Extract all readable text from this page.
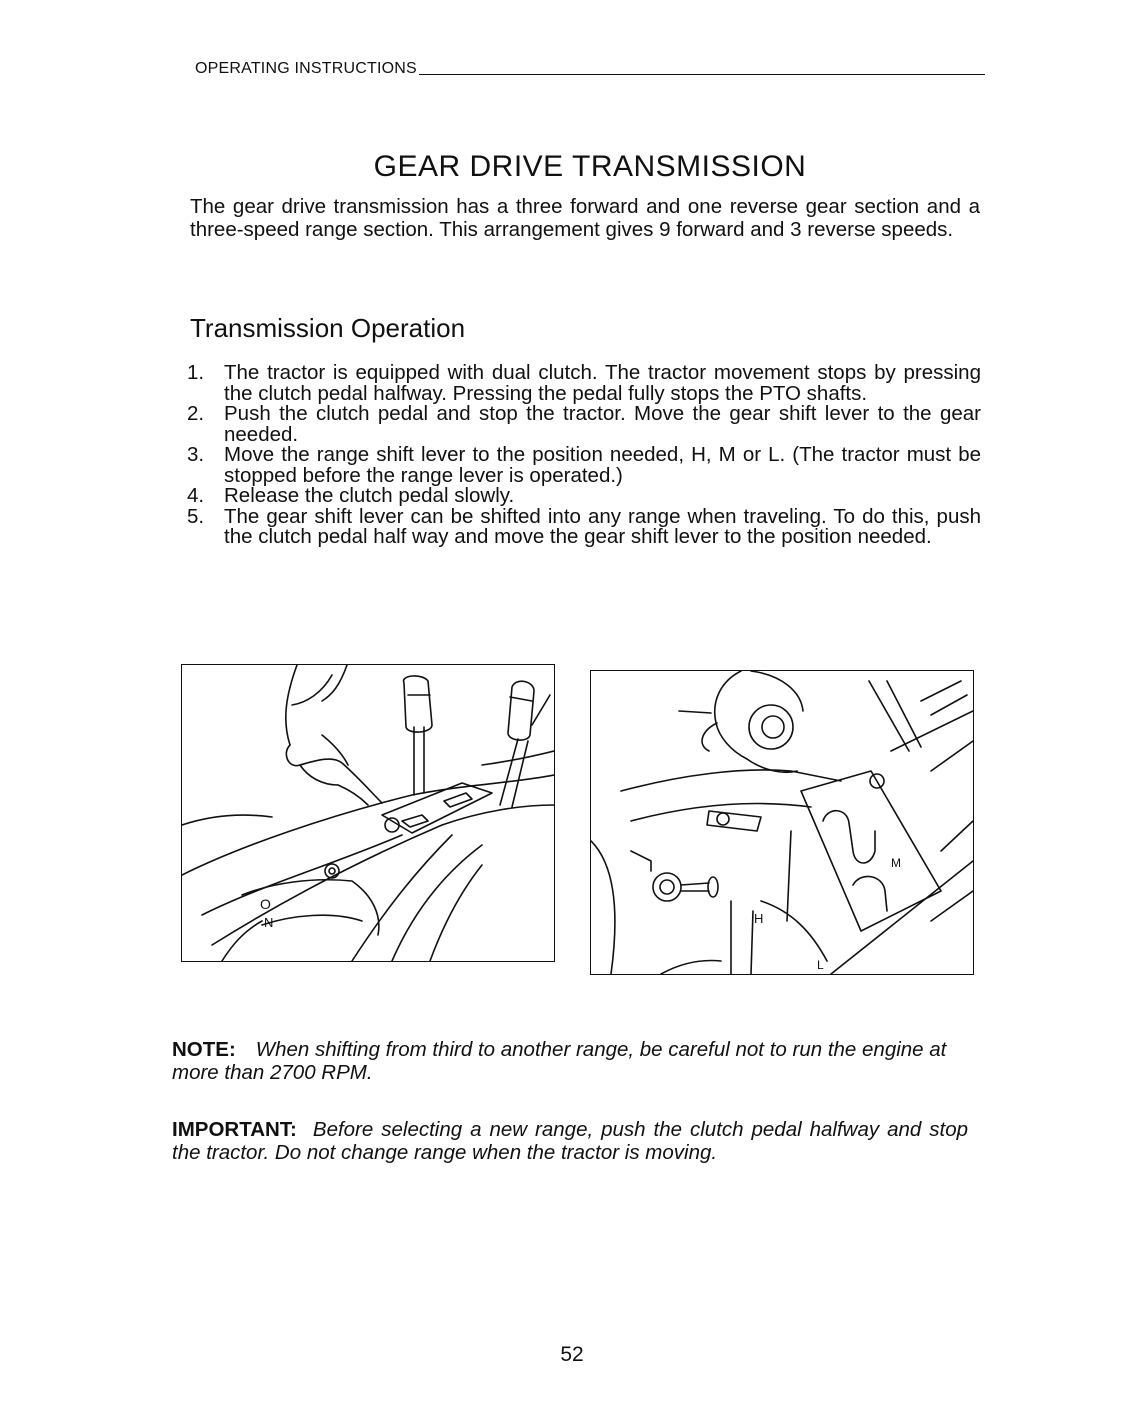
OPERATING INSTRUCTIONS
GEAR DRIVE TRANSMISSION

The gear drive transmission has a three forward and one reverse gear section and a three-speed range section. This arrangement gives 9 forward and 3 reverse speeds.

Transmission Operation
1. The tractor is equipped with dual clutch. The tractor movement stops by pressing the clutch pedal halfway. Pressing the pedal fully stops the PTO shafts.
2. Push the clutch pedal and stop the tractor. Move the gear shift lever to the gear needed.
3. Move the range shift lever to the position needed, H, M or L. (The tractor must be stopped before the range lever is operated.)
4. Release the clutch pedal slowly.
5. The gear shift lever can be shifted into any range when traveling. To do this, push the clutch pedal half way and move the gear shift lever to the position needed.
O
N	H
M
L

NOTE: When shifting from third to another range, be careful not to run the engine at more than 2700 RPM.

IMPORTANT: Before selecting a new range, push the clutch pedal halfway and stop the tractor. Do not change range when the tractor is moving.

52
